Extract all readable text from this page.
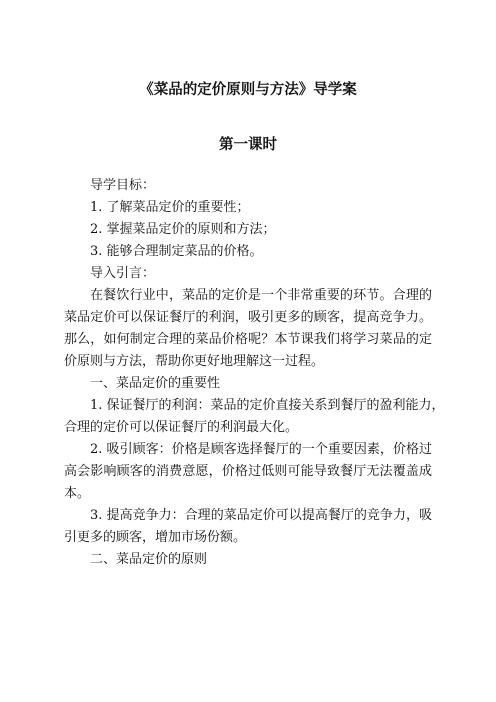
《菜品的定价原则与方法》导学案
第一课时
导学目标：
1. 了解菜品定价的重要性；
2. 掌握菜品定价的原则和方法；
3. 能够合理制定菜品的价格。
导入引言：
在餐饮行业中，菜品的定价是一个非常重要的环节。合理的
菜品定价可以保证餐厅的利润，吸引更多的顾客，提高竞争力。
那么，如何制定合理的菜品价格呢？本节课我们将学习菜品的定
价原则与方法，帮助你更好地理解这一过程。
一、菜品定价的重要性
1. 保证餐厅的利润：菜品的定价直接关系到餐厅的盈利能力，
合理的定价可以保证餐厅的利润最大化。
2. 吸引顾客：价格是顾客选择餐厅的一个重要因素，价格过
高会影响顾客的消费意愿，价格过低则可能导致餐厅无法覆盖成
本。
3. 提高竞争力：合理的菜品定价可以提高餐厅的竞争力，吸
引更多的顾客，增加市场份额。
二、菜品定价的原则
